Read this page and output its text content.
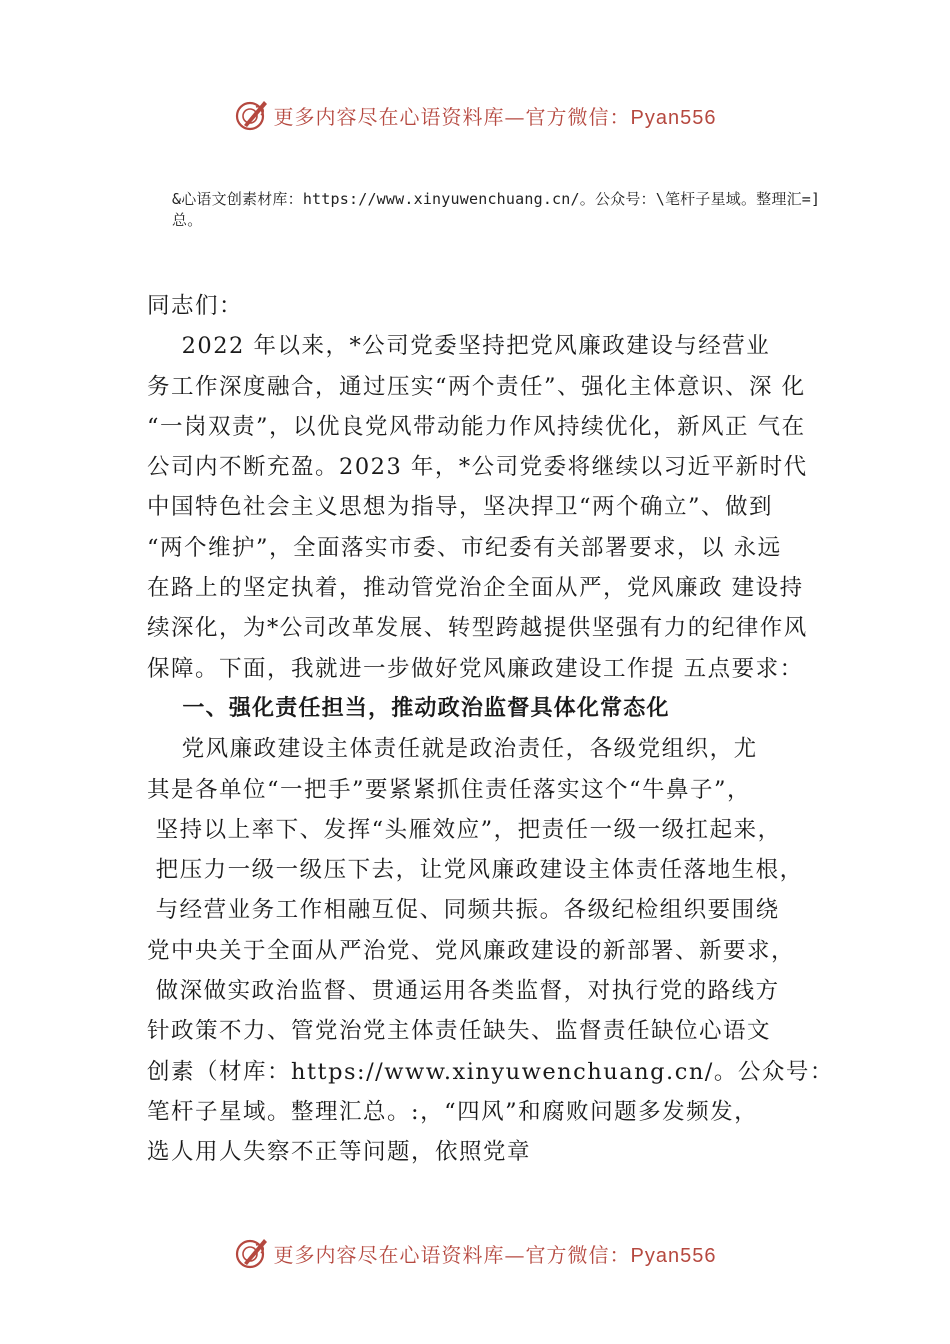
更多内容尽在心语资料库—官方微信：Pyan556
&心语文创素材库：https://www.xinyuwenchuang.cn/。公众号：\笔杆子星域。整理汇=]总。
同志们：
2022 年以来，*公司党委坚持把党风廉政建设与经营业
务工作深度融合，通过压实“两个责任”、强化主体意识、深 化
“一岗双责”，以优良党风带动能力作风持续优化，新风正 气在
公司内不断充盈。2023 年，*公司党委将继续以习近平新时代
中国特色社会主义思想为指导，坚决捍卫“两个确立”、做到
“两个维护”，全面落实市委、市纪委有关部署要求，以 永远
在路上的坚定执着，推动管党治企全面从严，党风廉政 建设持
续深化，为*公司改革发展、转型跨越提供坚强有力的纪律作风
保障。下面，我就进一步做好党风廉政建设工作提 五点要求：
一、强化责任担当，推动政治监督具体化常态化
党风廉政建设主体责任就是政治责任，各级党组织，尤
其是各单位“一把手”要紧紧抓住责任落实这个“牛鼻子”，
坚持以上率下、发挥“头雁效应”，把责任一级一级扛起来，
把压力一级一级压下去，让党风廉政建设主体责任落地生根，
与经营业务工作相融互促、同频共振。各级纪检组织要围绕
党中央关于全面从严治党、党风廉政建设的新部署、新要求，
做深做实政治监督、贯通运用各类监督，对执行党的路线方
针政策不力、管党治党主体责任缺失、监督责任缺位心语文
创素（材库：https://www.xinyuwenchuang.cn/。公众号：
笔杆子星域。整理汇总。:，“四风”和腐败问题多发频发，
选人用人失察不正等问题，依照党章
更多内容尽在心语资料库—官方微信：Pyan556
